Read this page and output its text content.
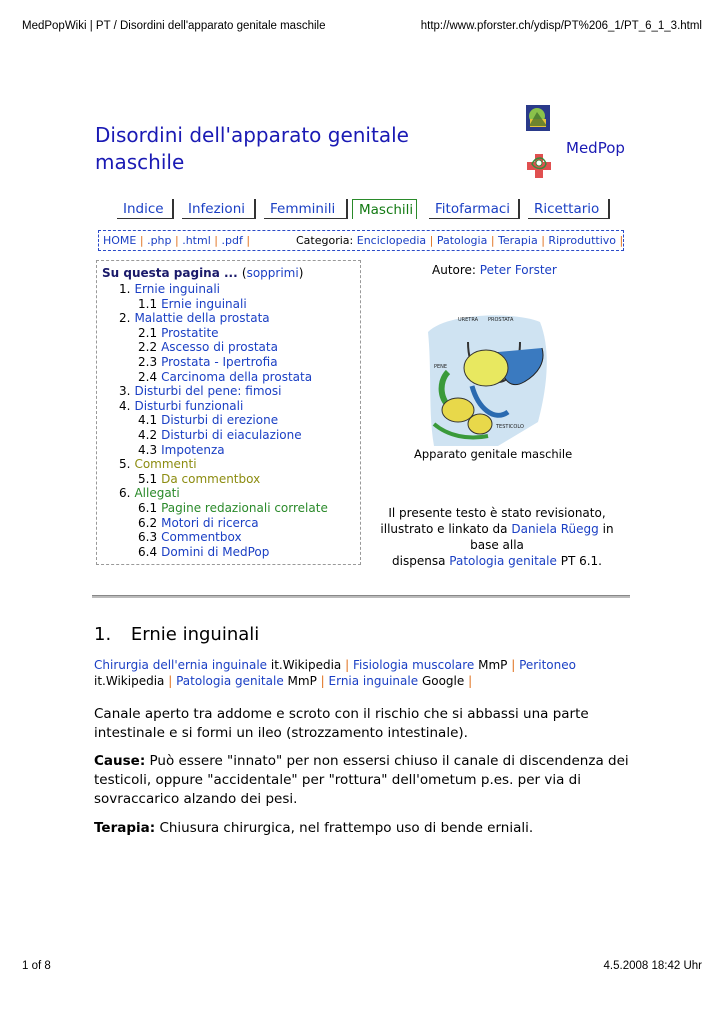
MedPopWiki | PT / Disordini dell'apparato genitale maschile	http://www.pforster.ch/ydisp/PT%206_1/PT_6_1_3.html
Disordini dell'apparato genitale maschile
MedPop
Indice	Infezioni	Femminili	Maschili	Fitofarmaci	Ricettario
HOME | .php | .html | .pdf |	Categoria: Enciclopedia | Patologia | Terapia | Riproduttivo |
Su questa pagina ... (sopprimi)
1. Ernie inguinali
1.1 Ernie inguinali
2. Malattie della prostata
2.1 Prostatite
2.2 Ascesso di prostata
2.3 Prostata - Ipertrofia
2.4 Carcinoma della prostata
3. Disturbi del pene: fimosi
4. Disturbi funzionali
4.1 Disturbi di erezione
4.2 Disturbi di eiaculazione
4.3 Impotenza
5. Commenti
5.1 Da commentbox
6. Allegati
6.1 Pagine redazionali correlate
6.2 Motori di ricerca
6.3 Commentbox
6.4 Domini di MedPop
Autore: Peter Forster
URETRA PROSTATA
PENE
TESTICOLO
Apparato genitale maschile
Il presente testo è stato revisionato,
illustrato e linkato da Daniela Rüegg in
base alla
dispensa Patologia genitale PT 6.1.
1. Ernie inguinali
Chirurgia dell'ernia inguinale it.Wikipedia | Fisiologia muscolare MmP | Peritoneo it.Wikipedia | Patologia genitale MmP | Ernia inguinale Google |
Canale aperto tra addome e scroto con il rischio che si abbassi una parte intestinale e si formi un ileo (strozzamento intestinale).
Cause: Può essere "innato" per non essersi chiuso il canale di discendenza dei testicoli, oppure "accidentale" per "rottura" dell'ometum p.es. per via di sovraccarico alzando dei pesi.
Terapia: Chiusura chirurgica, nel frattempo uso di bende erniali.
1 of 8	4.5.2008 18:42 Uhr
